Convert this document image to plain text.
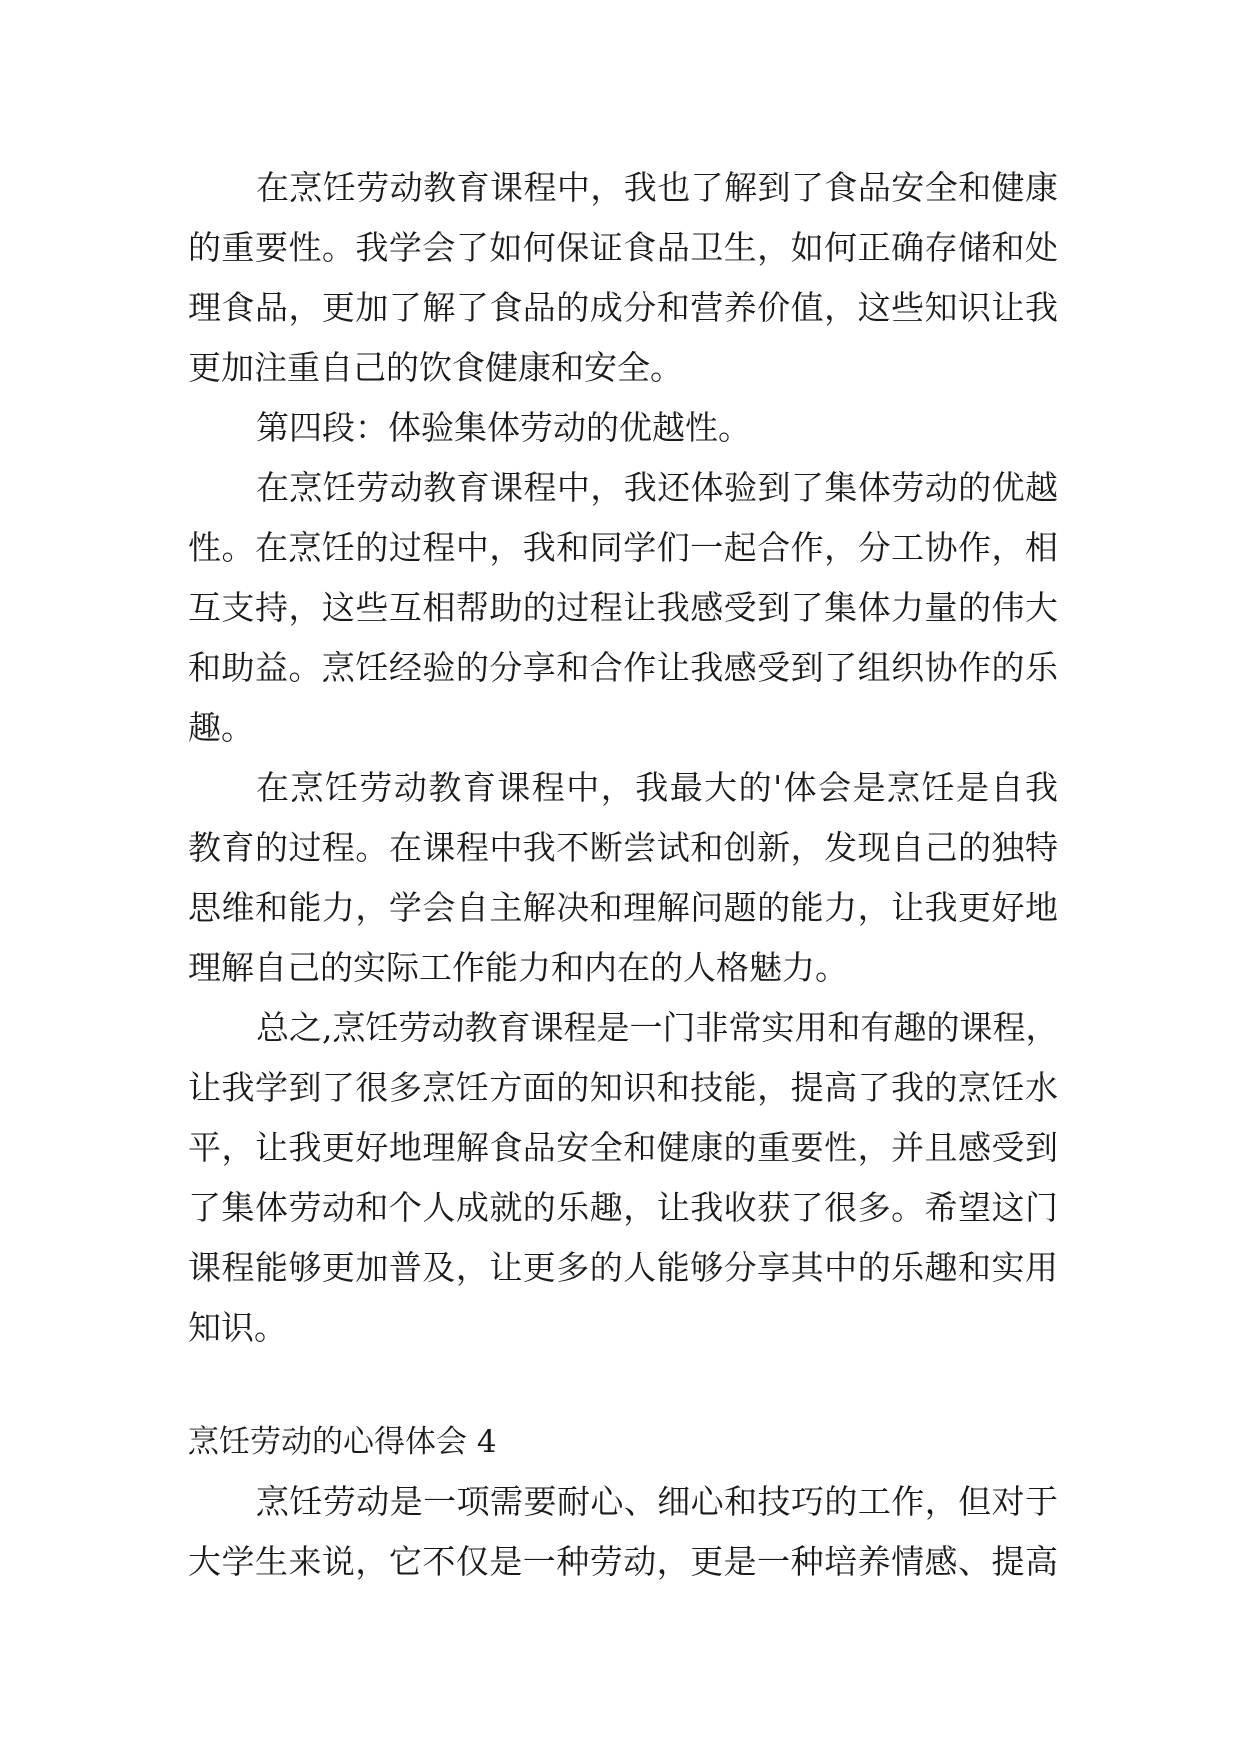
在烹饪劳动教育课程中，我也了解到了食品安全和健康
的重要性。我学会了如何保证食品卫生，如何正确存储和处
理食品，更加了解了食品的成分和营养价值，这些知识让我
更加注重自己的饮食健康和安全。
第四段：体验集体劳动的优越性。
在烹饪劳动教育课程中，我还体验到了集体劳动的优越
性。在烹饪的过程中，我和同学们一起合作，分工协作，相
互支持，这些互相帮助的过程让我感受到了集体力量的伟大
和助益。烹饪经验的分享和合作让我感受到了组织协作的乐
趣。
在烹饪劳动教育课程中，我最大的'体会是烹饪是自我
教育的过程。在课程中我不断尝试和创新，发现自己的独特
思维和能力，学会自主解决和理解问题的能力，让我更好地
理解自己的实际工作能力和内在的人格魅力。
总之,烹饪劳动教育课程是一门非常实用和有趣的课程，
让我学到了很多烹饪方面的知识和技能，提高了我的烹饪水
平，让我更好地理解食品安全和健康的重要性，并且感受到
了集体劳动和个人成就的乐趣，让我收获了很多。希望这门
课程能够更加普及，让更多的人能够分享其中的乐趣和实用
知识。
烹饪劳动的心得体会 4
烹饪劳动是一项需要耐心、细心和技巧的工作，但对于
大学生来说，它不仅是一种劳动，更是一种培养情感、提高
